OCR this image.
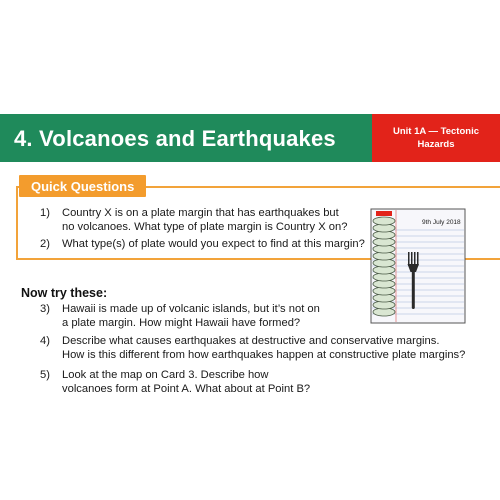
4. Volcanoes and Earthquakes	Unit 1A — Tectonic
Hazards
Quick Questions
1)	Country X is on a plate margin that has earthquakes but
no volcanoes. What type of plate margin is Country X on?
2)	What type(s) of plate would you expect to find at this margin?
9th July 2018
Now try these:
3)	Hawaii is made up of volcanic islands, but it’s not on
a plate margin. How might Hawaii have formed?
4)	Describe what causes earthquakes at destructive and conservative margins.
How is this different from how earthquakes happen at constructive plate margins?
5)	Look at the map on Card 3. Describe how
volcanoes form at Point A. What about at Point B?
